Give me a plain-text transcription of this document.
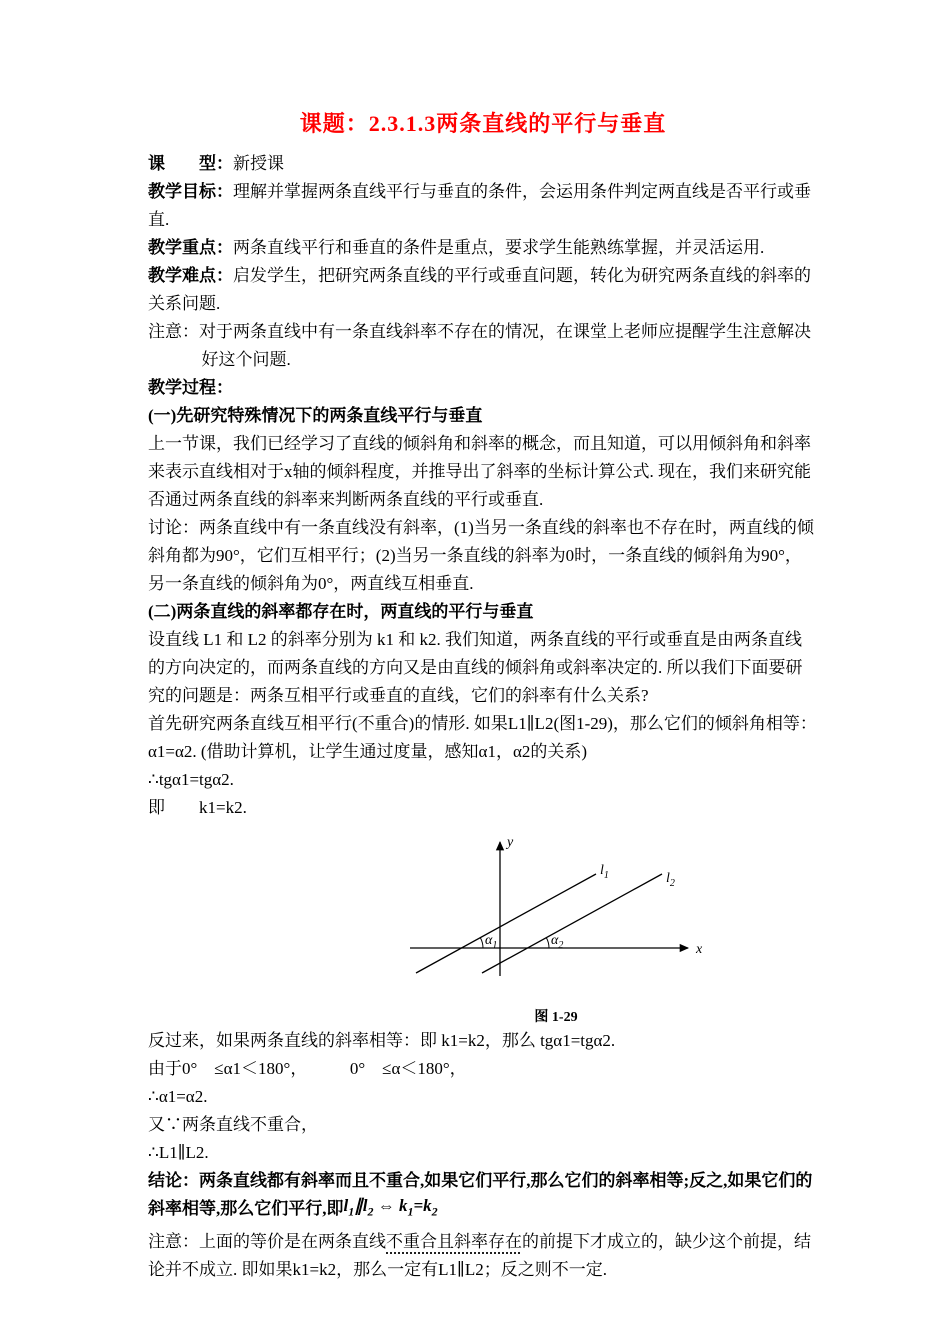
课题：2.3.1.3两条直线的平行与垂直

课　　型：新授课

教学目标：理解并掌握两条直线平行与垂直的条件，会运用条件判定两直线是否平行或垂直.

教学重点：两条直线平行和垂直的条件是重点，要求学生能熟练掌握，并灵活运用.

教学难点：启发学生，把研究两条直线的平行或垂直问题，转化为研究两条直线的斜率的关系问题.

注意：对于两条直线中有一条直线斜率不存在的情况，在课堂上老师应提醒学生注意解决好这个问题.

教学过程：

(一)先研究特殊情况下的两条直线平行与垂直

上一节课，我们已经学习了直线的倾斜角和斜率的概念，而且知道，可以用倾斜角和斜率来表示直线相对于x轴的倾斜程度，并推导出了斜率的坐标计算公式. 现在，我们来研究能否通过两条直线的斜率来判断两条直线的平行或垂直.

讨论：两条直线中有一条直线没有斜率，(1)当另一条直线的斜率也不存在时，两直线的倾斜角都为90°，它们互相平行；(2)当另一条直线的斜率为0时，一条直线的倾斜角为90°，另一条直线的倾斜角为0°，两直线互相垂直.

(二)两条直线的斜率都存在时，两直线的平行与垂直

设直线 L1 和 L2 的斜率分别为 k1 和 k2. 我们知道，两条直线的平行或垂直是由两条直线的方向决定的，而两条直线的方向又是由直线的倾斜角或斜率决定的. 所以我们下面要研究的问题是：两条互相平行或垂直的直线，它们的斜率有什么关系?

首先研究两条直线互相平行(不重合)的情形. 如果L1∥L2(图1-29)，那么它们的倾斜角相等：α1=α2. (借助计算机，让学生通过度量，感知α1，α2的关系)

∴tgα1=tgα2.

即　　k1=k2.

y
x
$l_1$	$l_2$
$\alpha_1$	$\alpha_2$
图 1-29

反过来，如果两条直线的斜率相等：即 k1=k2，那么 tgα1=tgα2.

由于0°　≤α1＜180°，　　　0°　≤α＜180°，

∴α1=α2.

又∵两条直线不重合，

∴L1∥L2.

结论：两条直线都有斜率而且不重合,如果它们平行,那么它们的斜率相等;反之,如果它们的斜率相等,那么它们平行,即$l_1\parallel l_2$ ⇔ $k_1=k_2$

注意：上面的等价是在两条直线不重合且斜率存在的前提下才成立的，缺少这个前提，结论并不成立. 即如果k1=k2，那么一定有L1∥L2；反之则不一定.
